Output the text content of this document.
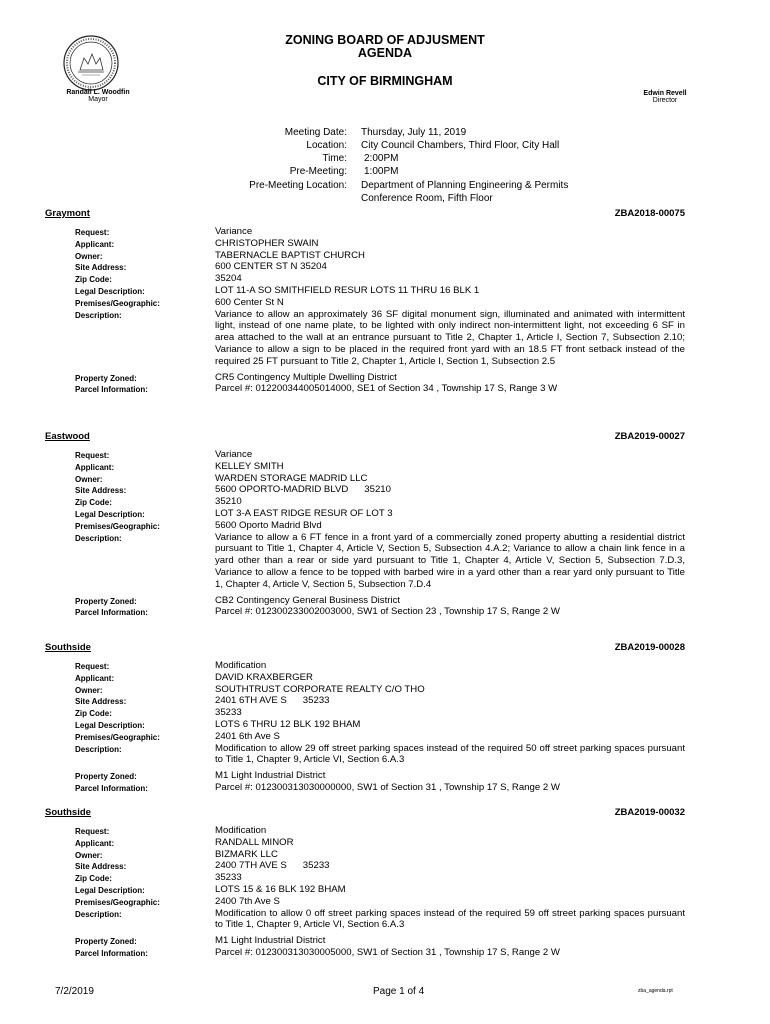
ZONING BOARD OF ADJUSMENT
AGENDA
CITY OF BIRMINGHAM
Randall L. Woodfin
Mayor
Edwin Revell
Director
Meeting Date:	Thursday, July 11, 2019
Location:	City Council Chambers, Third Floor, City Hall
Time:	2:00PM
Pre-Meeting:	1:00PM
Pre-Meeting Location:	Department of Planning Engineering & Permits
Conference Room, Fifth Floor
Graymont	ZBA2018-00075
Request:	Variance
Applicant:	CHRISTOPHER SWAIN
Owner:	TABERNACLE BAPTIST CHURCH
Site Address:	600 CENTER ST N 35204
Zip Code:	35204
Legal Description:	LOT 11-A SO SMITHFIELD RESUR LOTS 11 THRU 16 BLK 1
Premises/Geographic:	600 Center St N
Description:	Variance to allow an approximately 36 SF digital monument sign, illuminated and animated with intermittent light, instead of one name plate, to be lighted with only indirect non-intermittent light, not exceeding 6 SF in area attached to the wall at an entrance pursuant to Title 2, Chapter 1, Article I, Section 7, Subsection 2.10; Variance to allow a sign to be placed in the required front yard with an 18.5 FT front setback instead of the required 25 FT pursuant to Title 2, Chapter 1, Article I, Section 1, Subsection 2.5
Property Zoned:	CR5 Contingency Multiple Dwelling District
Parcel Information:	Parcel #: 012200344005014000, SE1 of Section 34 , Township 17 S, Range 3 W
Eastwood	ZBA2019-00027
Request:	Variance
Applicant:	KELLEY SMITH
Owner:	WARDEN STORAGE MADRID LLC
Site Address:	5600 OPORTO-MADRID BLVD      35210
Zip Code:	35210
Legal Description:	LOT 3-A EAST RIDGE RESUR OF LOT 3
Premises/Geographic:	5600 Oporto Madrid Blvd
Description:	Variance to allow a 6 FT fence in a front yard of a commercially zoned property abutting a residential district pursuant to Title 1, Chapter 4, Article V, Section 5, Subsection 4.A.2; Variance to allow a chain link fence in a yard other than a rear or side yard pursuant to Title 1, Chapter 4, Article V, Section 5, Subsection 7.D.3, Variance to allow a fence to be topped with barbed wire in a yard other than a rear yard only pursuant to Title 1, Chapter 4, Article V, Section 5, Subsection 7.D.4
Property Zoned:	CB2 Contingency General Business District
Parcel Information:	Parcel #: 012300233002003000, SW1 of Section 23 , Township 17 S, Range 2 W
Southside	ZBA2019-00028
Request:	Modification
Applicant:	DAVID KRAXBERGER
Owner:	SOUTHTRUST CORPORATE REALTY C/O THO
Site Address:	2401 6TH AVE S      35233
Zip Code:	35233
Legal Description:	LOTS 6 THRU 12 BLK 192 BHAM
Premises/Geographic:	2401 6th Ave S
Description:	Modification to allow 29 off street parking spaces instead of the required 50 off street parking spaces pursuant to Title 1, Chapter 9, Article VI, Section 6.A.3
Property Zoned:	M1 Light Industrial District
Parcel Information:	Parcel #: 012300313030000000, SW1 of Section 31 , Township 17 S, Range 2 W
Southside	ZBA2019-00032
Request:	Modification
Applicant:	RANDALL MINOR
Owner:	BIZMARK LLC
Site Address:	2400 7TH AVE S      35233
Zip Code:	35233
Legal Description:	LOTS 15 & 16 BLK 192 BHAM
Premises/Geographic:	2400 7th Ave S
Description:	Modification to allow 0 off street parking spaces instead of the required 59 off street parking spaces pursuant to Title 1, Chapter 9, Article VI, Section 6.A.3
Property Zoned:	M1 Light Industrial District
Parcel Information:	Parcel #: 012300313030005000, SW1 of Section 31 , Township 17 S, Range 2 W
7/2/2019	Page 1 of 4	zba_agenda.rpt
